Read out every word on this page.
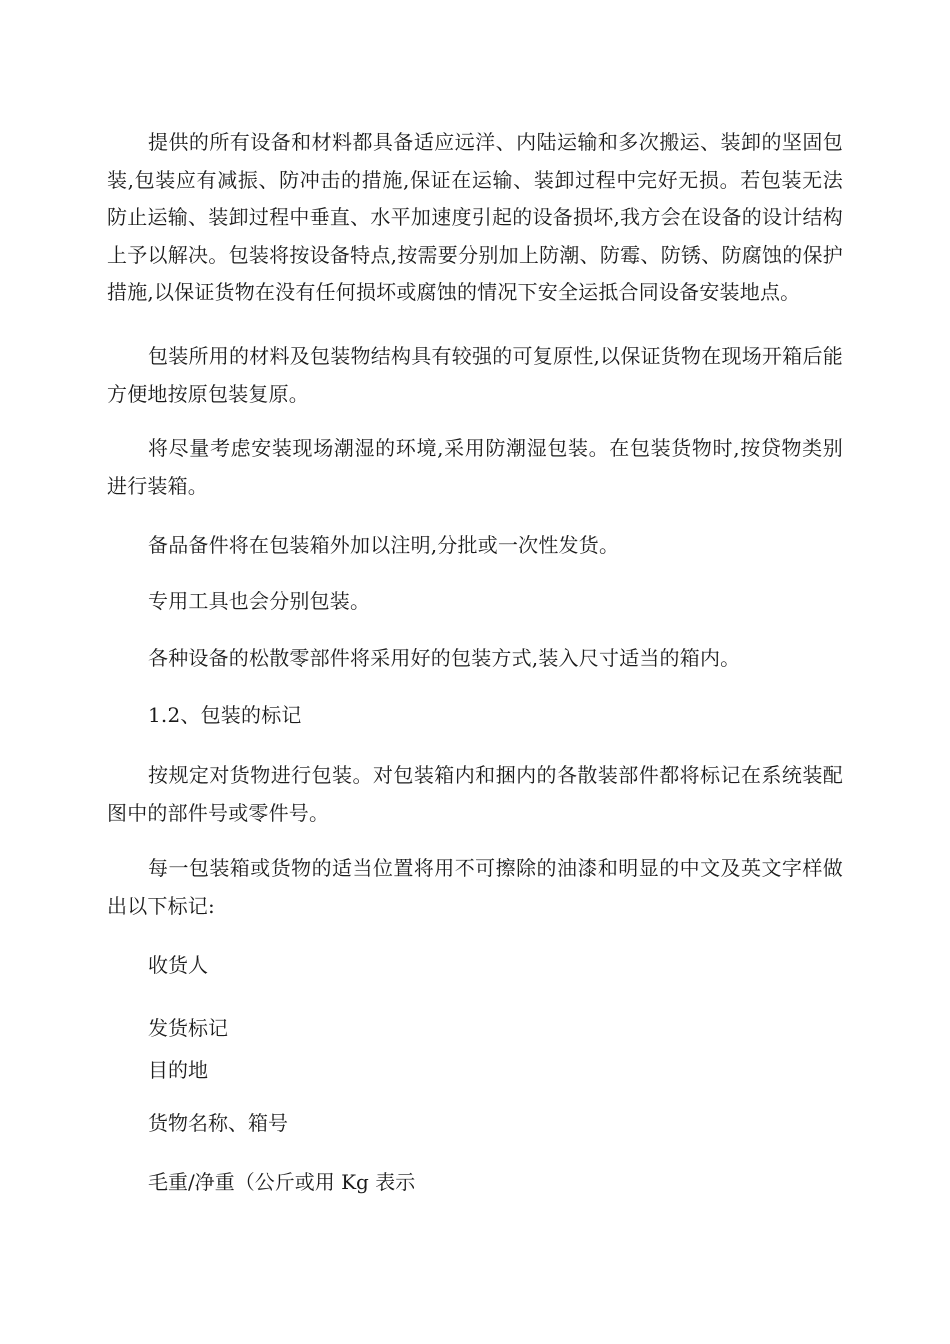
提供的所有设备和材料都具备适应远洋、内陆运输和多次搬运、装卸的坚固包装,包装应有减振、防冲击的措施,保证在运输、装卸过程中完好无损。若包装无法防止运输、装卸过程中垂直、水平加速度引起的设备损坏,我方会在设备的设计结构上予以解决。包装将按设备特点,按需要分别加上防潮、防霉、防锈、防腐蚀的保护措施,以保证货物在没有任何损坏或腐蚀的情况下安全运抵合同设备安装地点。

包装所用的材料及包装物结构具有较强的可复原性,以保证货物在现场开箱后能方便地按原包装复原。

将尽量考虑安装现场潮湿的环境,采用防潮湿包装。在包装货物时,按贷物类别进行装箱。

备品备件将在包装箱外加以注明,分批或一次性发货。

专用工具也会分别包装。

各种设备的松散零部件将采用好的包装方式,装入尺寸适当的箱内。

1.2、包装的标记

按规定对货物进行包装。对包装箱内和捆内的各散装部件都将标记在系统装配图中的部件号或零件号。

每一包装箱或货物的适当位置将用不可擦除的油漆和明显的中文及英文字样做出以下标记:

收货人

发货标记

目的地

货物名称、箱号

毛重/净重（公斤或用 Kg 表示
